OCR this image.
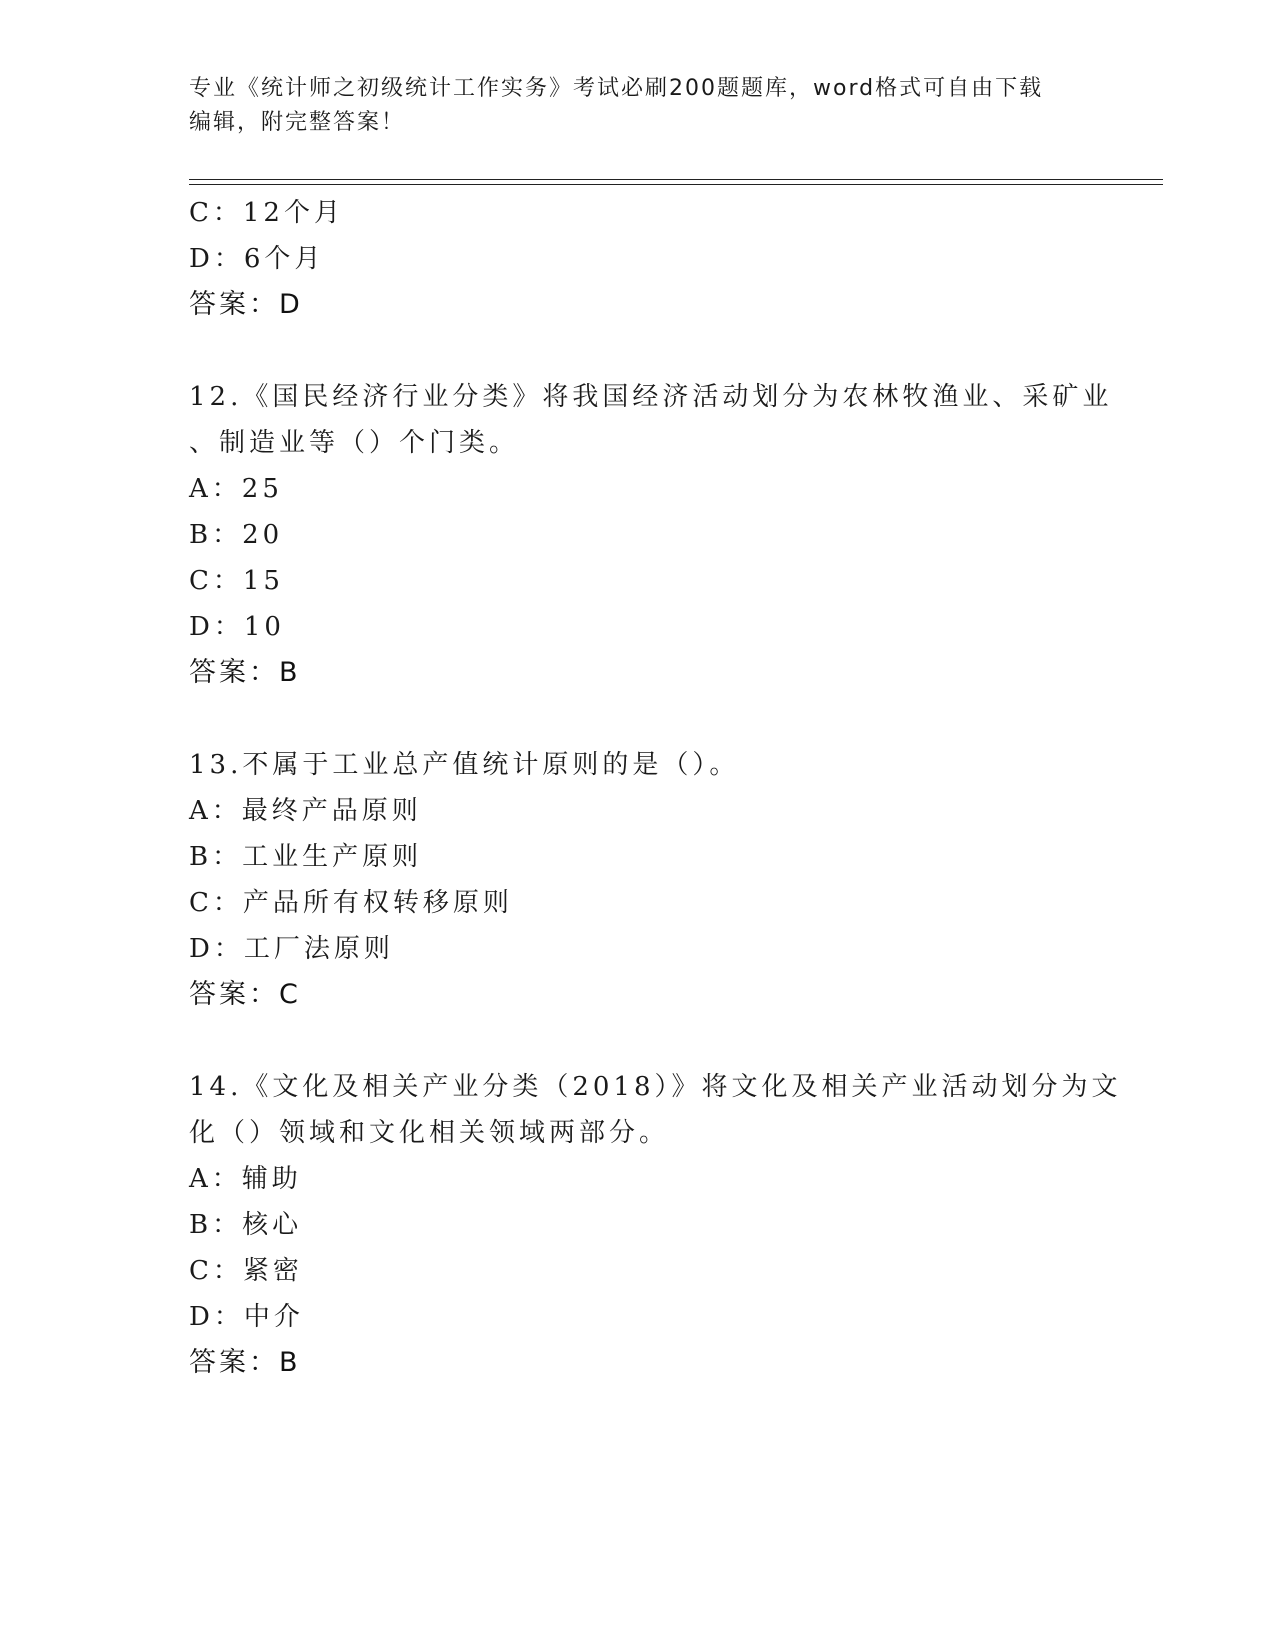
专业《统计师之初级统计工作实务》考试必刷200题题库，word格式可自由下载
编辑，附完整答案！
C：12个月
D：6个月
答案：D
12.《国民经济行业分类》将我国经济活动划分为农林牧渔业、采矿业
、制造业等（）个门类。
A：25
B：20
C：15
D：10
答案：B
13.不属于工业总产值统计原则的是（）。
A：最终产品原则
B：工业生产原则
C：产品所有权转移原则
D：工厂法原则
答案：C
14.《文化及相关产业分类（2018）》将文化及相关产业活动划分为文
化（）领域和文化相关领域两部分。
A：辅助
B：核心
C：紧密
D：中介
答案：B
